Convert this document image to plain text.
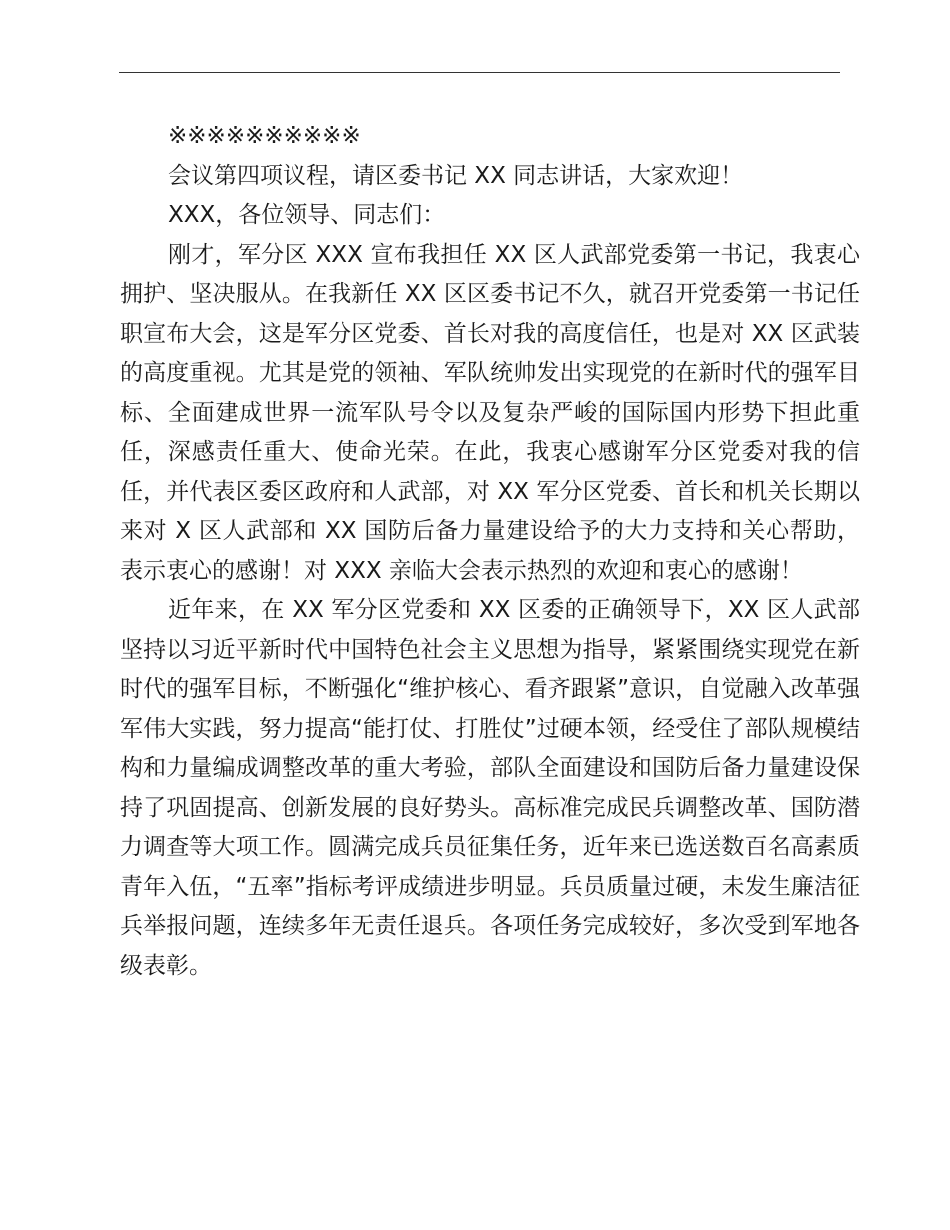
※※※※※※※※※※

会议第四项议程，请区委书记 XX 同志讲话，大家欢迎！

XXX，各位领导、同志们：

刚才，军分区 XXX 宣布我担任 XX 区人武部党委第一书记，我衷心拥护、坚决服从。在我新任 XX 区区委书记不久，就召开党委第一书记任职宣布大会，这是军分区党委、首长对我的高度信任，也是对 XX 区武装的高度重视。尤其是党的领袖、军队统帅发出实现党的在新时代的强军目标、全面建成世界一流军队号令以及复杂严峻的国际国内形势下担此重任，深感责任重大、使命光荣。在此，我衷心感谢军分区党委对我的信任，并代表区委区政府和人武部，对 XX 军分区党委、首长和机关长期以来对 X 区人武部和 XX 国防后备力量建设给予的大力支持和关心帮助，表示衷心的感谢！对 XXX 亲临大会表示热烈的欢迎和衷心的感谢！

近年来，在 XX 军分区党委和 XX 区委的正确领导下，XX 区人武部坚持以习近平新时代中国特色社会主义思想为指导，紧紧围绕实现党在新时代的强军目标，不断强化“维护核心、看齐跟紧”意识，自觉融入改革强军伟大实践，努力提高“能打仗、打胜仗”过硬本领，经受住了部队规模结构和力量编成调整改革的重大考验，部队全面建设和国防后备力量建设保持了巩固提高、创新发展的良好势头。高标准完成民兵调整改革、国防潜力调查等大项工作。圆满完成兵员征集任务，近年来已选送数百名高素质青年入伍，“五率”指标考评成绩进步明显。兵员质量过硬，未发生廉洁征兵举报问题，连续多年无责任退兵。各项任务完成较好，多次受到军地各级表彰。
